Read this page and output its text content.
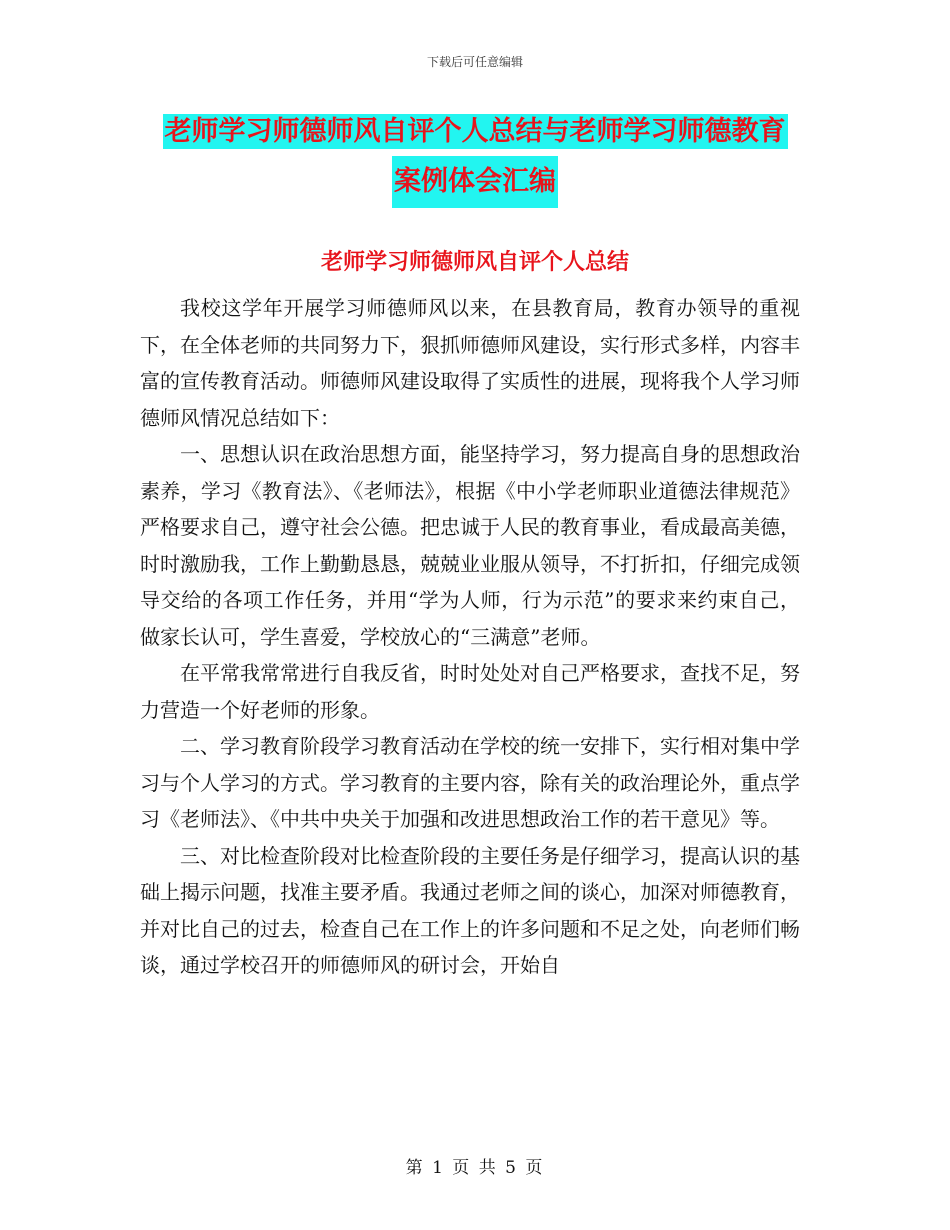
下载后可任意编辑
老师学习师德师风自评个人总结与老师学习师德教育
案例体会汇编
老师学习师德师风自评个人总结

我校这学年开展学习师德师风以来，在县教育局，教育办领导的重视下，在全体老师的共同努力下，狠抓师德师风建设，实行形式多样，内容丰富的宣传教育活动。师德师风建设取得了实质性的进展，现将我个人学习师德师风情况总结如下：

一、思想认识在政治思想方面，能坚持学习，努力提高自身的思想政治素养，学习《教育法》、《老师法》，根据《中小学老师职业道德法律规范》严格要求自己，遵守社会公德。把忠诚于人民的教育事业，看成最高美德，时时激励我，工作上勤勤恳恳，兢兢业业服从领导，不打折扣，仔细完成领导交给的各项工作任务，并用“学为人师，行为示范”的要求来约束自己，做家长认可，学生喜爱，学校放心的“三满意”老师。

在平常我常常进行自我反省，时时处处对自己严格要求，查找不足，努力营造一个好老师的形象。

二、学习教育阶段学习教育活动在学校的统一安排下，实行相对集中学习与个人学习的方式。学习教育的主要内容，除有关的政治理论外，重点学习《老师法》、《中共中央关于加强和改进思想政治工作的若干意见》等。

三、对比检查阶段对比检查阶段的主要任务是仔细学习，提高认识的基础上揭示问题，找准主要矛盾。我通过老师之间的谈心，加深对师德教育，并对比自己的过去，检查自己在工作上的许多问题和不足之处，向老师们畅谈，通过学校召开的师德师风的研讨会，开始自

第 1 页 共 5 页
